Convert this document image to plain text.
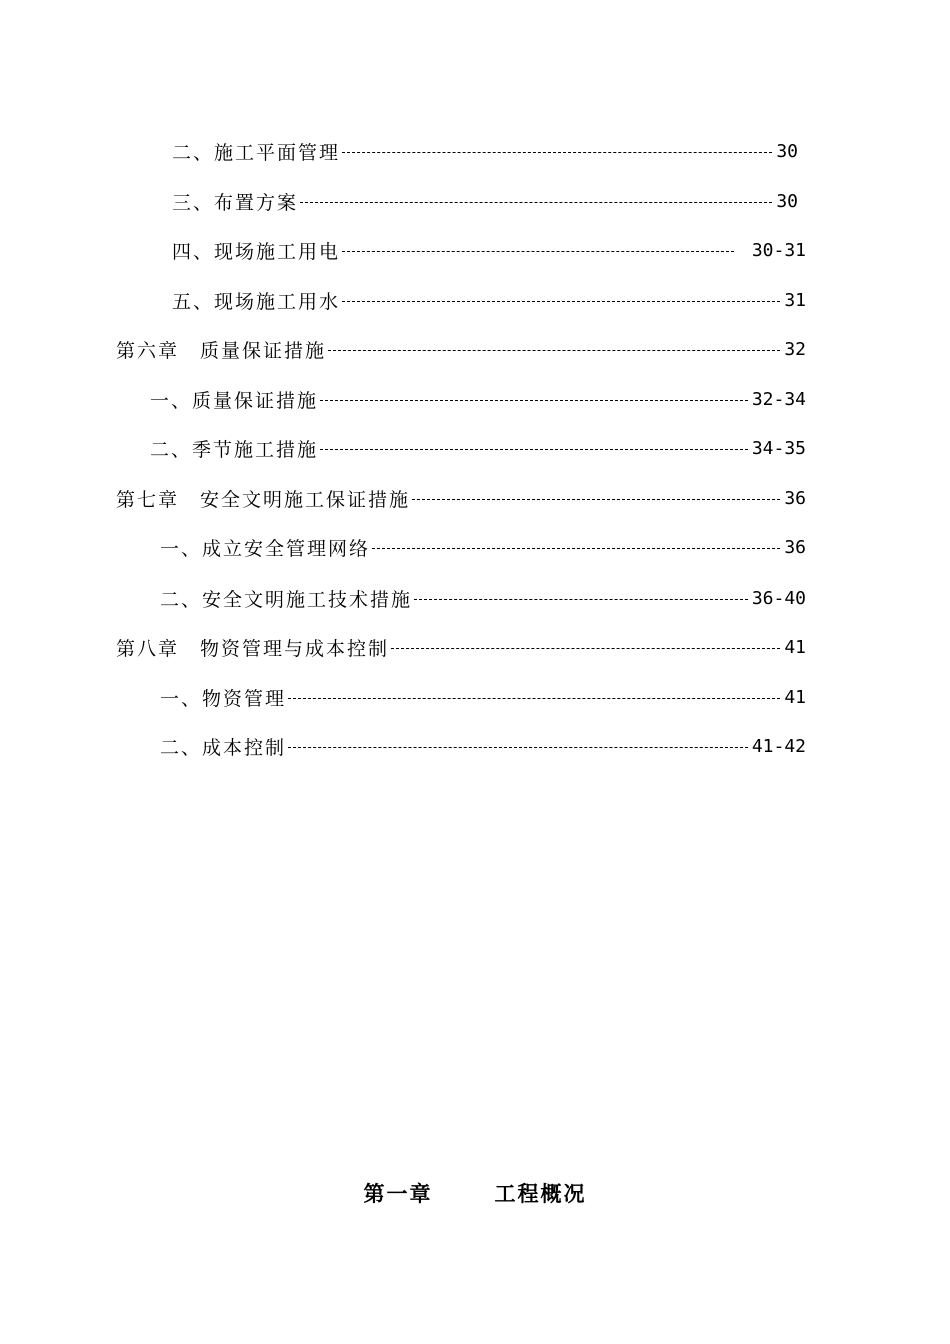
二、施工平面管理	30
三、布置方案	30
四、现场施工用电	30-31
五、现场施工用水	31
第六章　质量保证措施	32
一、质量保证措施	32-34
二、季节施工措施	34-35
第七章　安全文明施工保证措施	36
一、成立安全管理网络	36
二、安全文明施工技术措施	36-40
第八章　物资管理与成本控制	41
一、物资管理	41
二、成本控制	41-42
第一章	工程概况
